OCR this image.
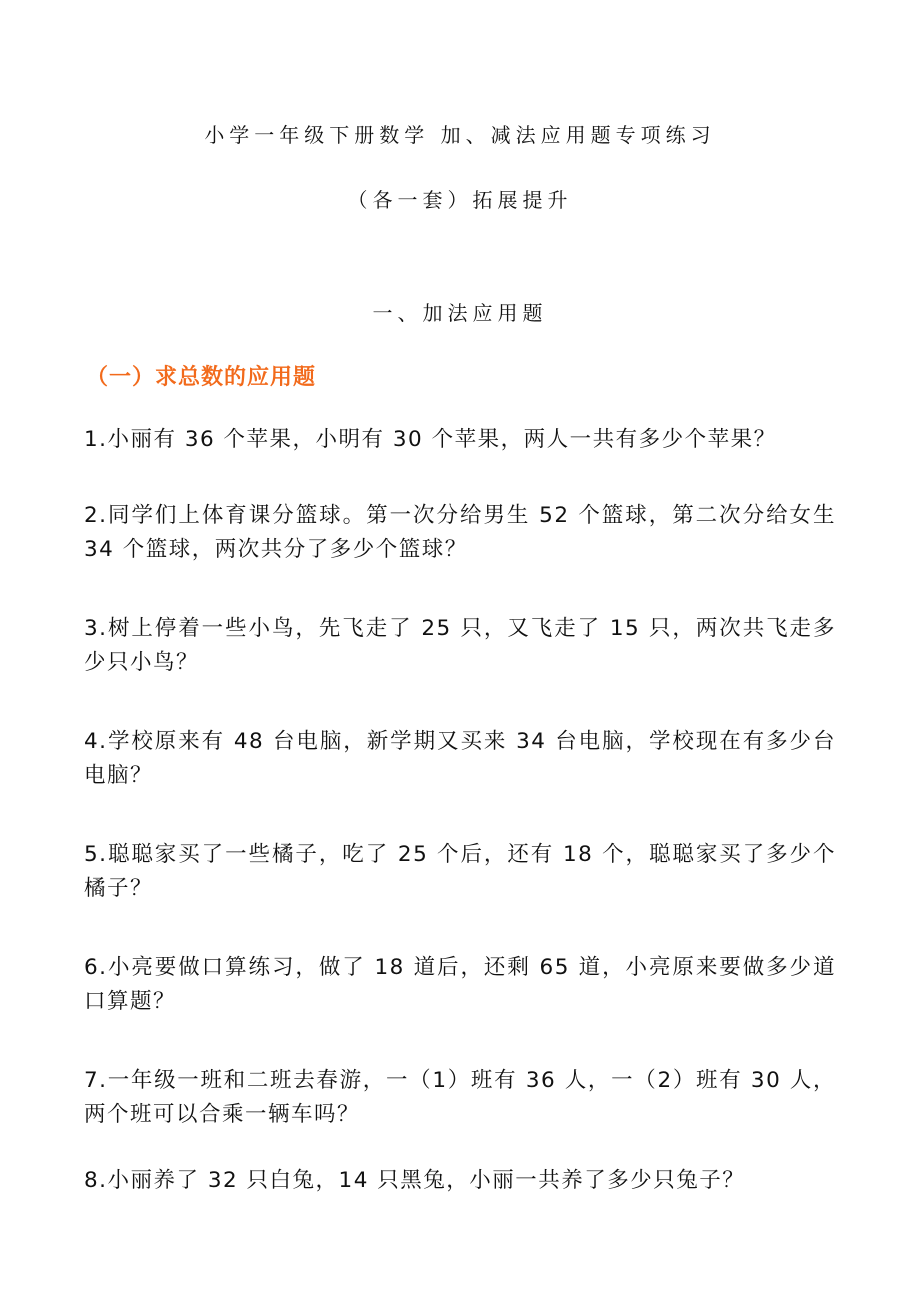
小学一年级下册数学 加、减法应用题专项练习
（各一套）拓展提升
一、加法应用题
（一）求总数的应用题

1.小丽有 36 个苹果，小明有 30 个苹果，两人一共有多少个苹果？

2.同学们上体育课分篮球。第一次分给男生 52 个篮球，第二次分给女生 34 个篮球，两次共分了多少个篮球？

3.树上停着一些小鸟，先飞走了 25 只，又飞走了 15 只，两次共飞走多少只小鸟？

4.学校原来有 48 台电脑，新学期又买来 34 台电脑，学校现在有多少台电脑？

5.聪聪家买了一些橘子，吃了 25 个后，还有 18 个，聪聪家买了多少个橘子？

6.小亮要做口算练习，做了 18 道后，还剩 65 道，小亮原来要做多少道口算题？

7.一年级一班和二班去春游，一（1）班有 36 人，一（2）班有 30 人，两个班可以合乘一辆车吗？

8.小丽养了 32 只白兔，14 只黑兔，小丽一共养了多少只兔子？
